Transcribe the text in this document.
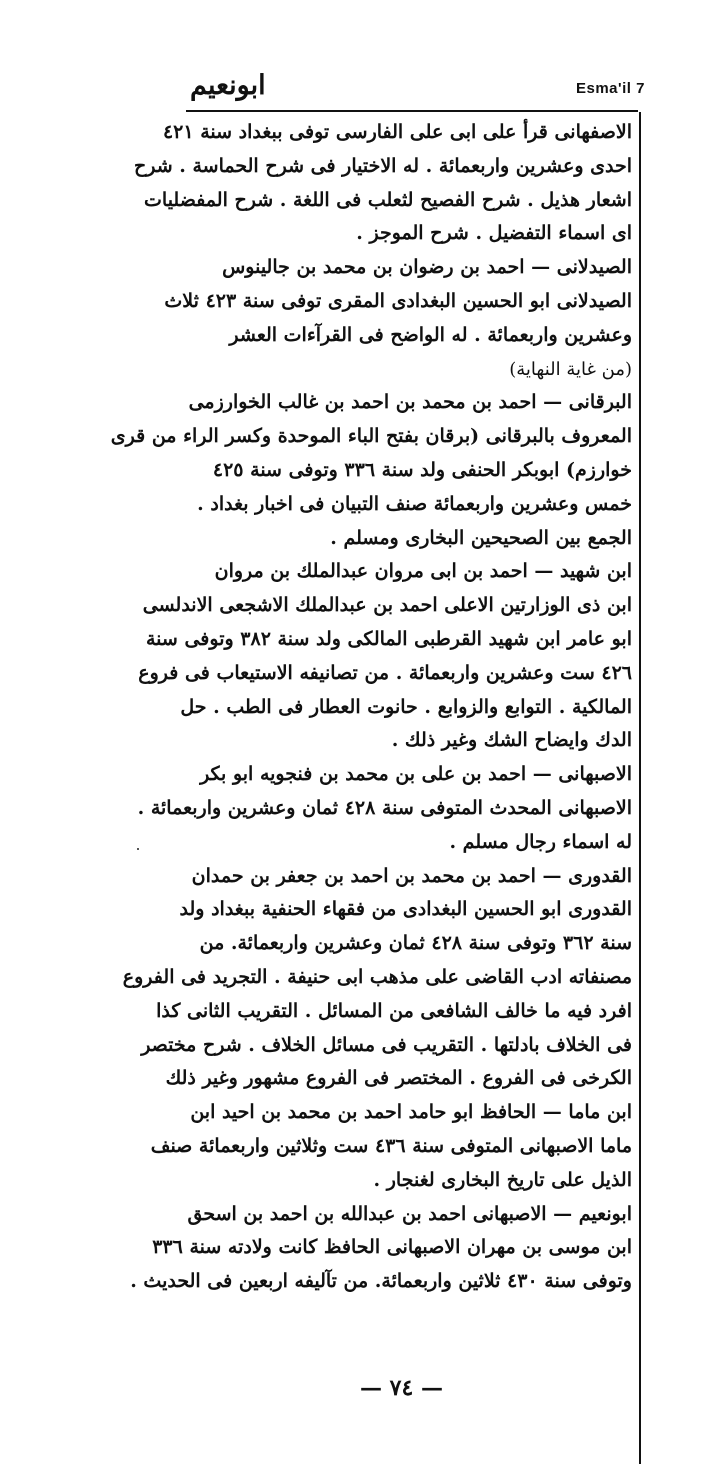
Esma'il 7
ابونعيم
الاصفهانى قرأ على ابى على الفارسى توفى ببغداد سنة ٤٢١
احدى وعشرين واربعمائة . له الاختيار فى شرح الحماسة . شرح
اشعار هذيل . شرح الفصيح لثعلب فى اللغة . شرح المفضليات
اى اسماء التفضيل . شرح الموجز .
الصيدلانى — احمد بن رضوان بن محمد بن جالينوس
الصيدلانى ابو الحسين البغدادى المقرى توفى سنة ٤٢٣ ثلاث
وعشرين واربعمائة . له الواضح فى القرآءات العشر
(من غاية النهاية)
البرقانى — احمد بن محمد بن احمد بن غالب الخوارزمى
المعروف بالبرقانى (برقان بفتح الباء الموحدة وكسر الراء من قرى
خوارزم) ابوبكر الحنفى ولد سنة ٣٣٦ وتوفى سنة ٤٢٥
خمس وعشرين واربعمائة صنف التبيان فى اخبار بغداد .
الجمع بين الصحيحين البخارى ومسلم .
ابن شهيد — احمد بن ابى مروان عبدالملك بن مروان
ابن ذى الوزارتين الاعلى احمد بن عبدالملك الاشجعى الاندلسى
ابو عامر ابن شهيد القرطبى المالكى ولد سنة ٣٨٢ وتوفى سنة
٤٢٦ ست وعشرين واربعمائة . من تصانيفه الاستيعاب فى فروع
المالكية . التوابع والزوابع . حانوت العطار فى الطب . حل
الدك وايضاح الشك وغير ذلك .
الاصبهانى — احمد بن على بن محمد بن فنجويه ابو بكر
الاصبهانى المحدث المتوفى سنة ٤٢٨ ثمان وعشرين واربعمائة .
له اسماء رجال مسلم .
القدورى — احمد بن محمد بن احمد بن جعفر بن حمدان
القدورى ابو الحسين البغدادى من فقهاء الحنفية ببغداد ولد
سنة ٣٦٢ وتوفى سنة ٤٢٨ ثمان وعشرين واربعمائة. من
مصنفاته ادب القاضى على مذهب ابى حنيفة . التجريد فى الفروع
افرد فيه ما خالف الشافعى من المسائل . التقريب الثانى كذا
فى الخلاف بادلتها . التقريب فى مسائل الخلاف . شرح مختصر
الكرخى فى الفروع . المختصر فى الفروع مشهور وغير ذلك
ابن ماما — الحافظ ابو حامد احمد بن محمد بن احيد ابن
ماما الاصبهانى المتوفى سنة ٤٣٦ ست وثلاثين واربعمائة صنف
الذيل على تاريخ البخارى لغنجار .
ابونعيم — الاصبهانى احمد بن عبدالله بن احمد بن اسحق
ابن موسى بن مهران الاصبهانى الحافظ كانت ولادته سنة ٣٣٦
وتوفى سنة ٤٣٠ ثلاثين واربعمائة. من تآليفه اربعين فى الحديث .
— ٧٤ —
